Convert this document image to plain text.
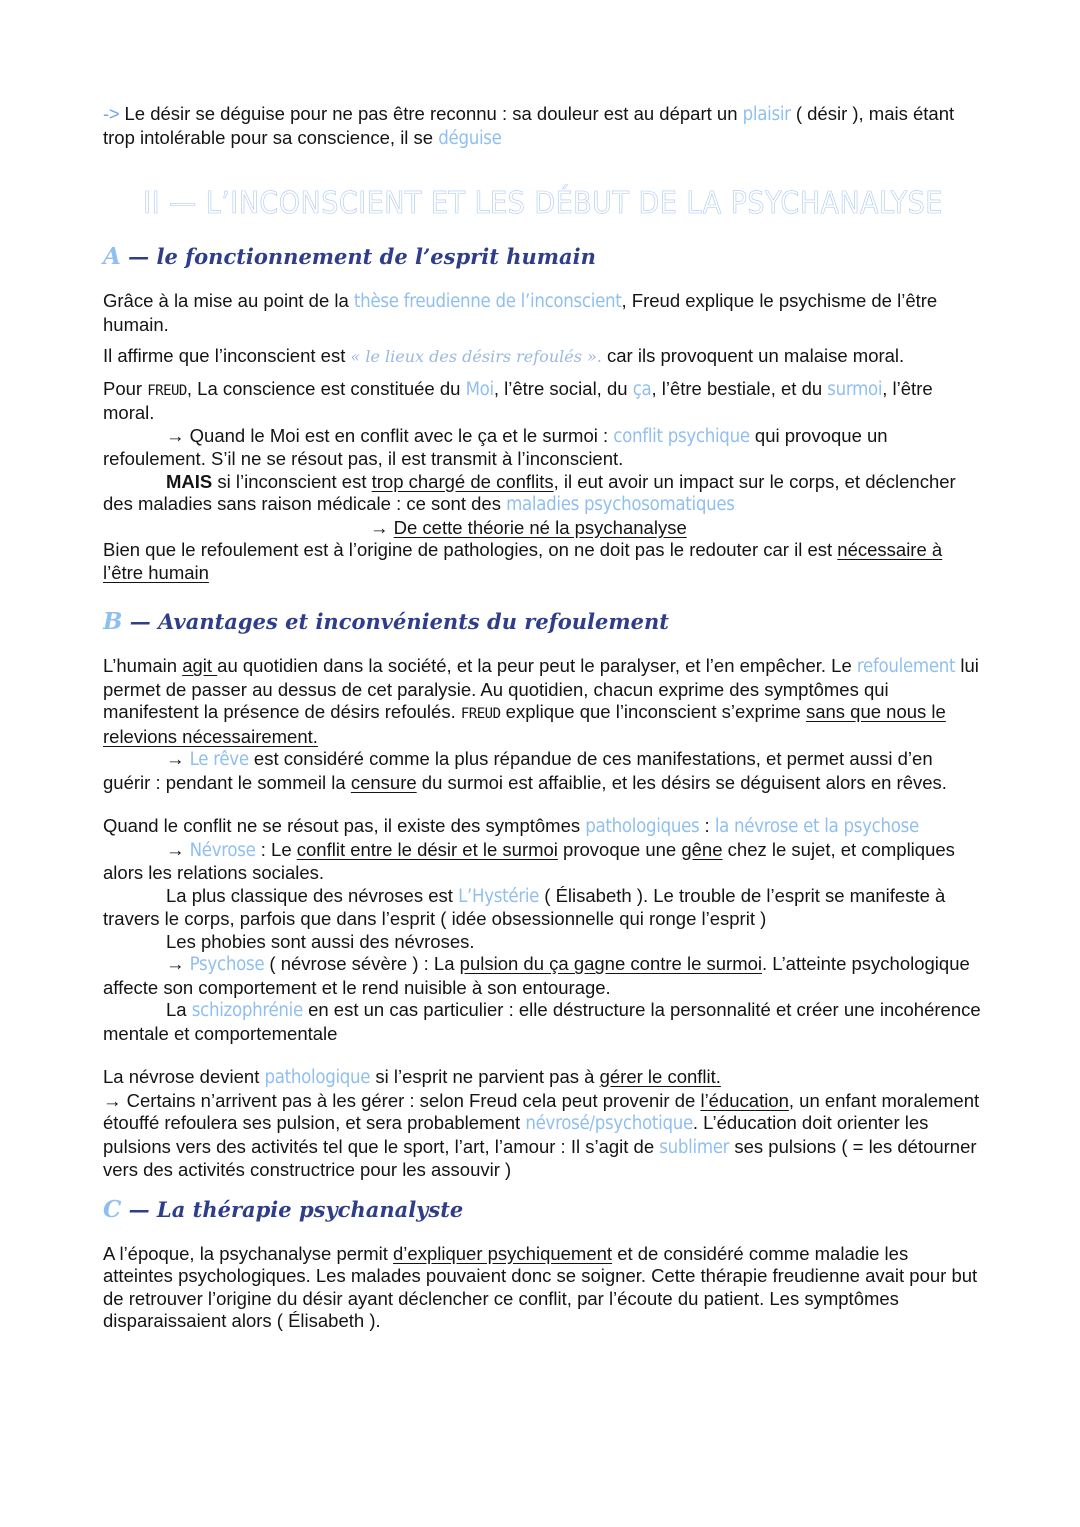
-> Le désir se déguise pour ne pas être reconnu : sa douleur est au départ un plaisir ( désir ), mais étant trop intolérable pour sa conscience, il se déguise

II — L’INCONSCIENT ET LES DÉBUT DE LA PSYCHANALYSE
A — le fonctionnement de l’esprit humain

Grâce à la mise au point de la thèse freudienne de l’inconscient, Freud explique le psychisme de l’être humain.

Il affirme que l’inconscient est « le lieux des désirs refoulés ». car ils provoquent un malaise moral.

Pour FREUD, La conscience est constituée du Moi, l’être social, du ça, l’être bestiale, et du surmoi, l’être moral.

→ Quand le Moi est en conflit avec le ça et le surmoi : conflit psychique qui provoque un refoulement. S’il ne se résout pas, il est transmit à l’inconscient.

MAIS si l’inconscient est trop chargé de conflits, il eut avoir un impact sur le corps, et déclencher des maladies sans raison médicale : ce sont des maladies psychosomatiques

→ De cette théorie né la psychanalyse

Bien que le refoulement est à l’origine de pathologies, on ne doit pas le redouter car il est nécessaire à l’être humain

B — Avantages et inconvénients du refoulement

L’humain agit au quotidien dans la société, et la peur peut le paralyser, et l’en empêcher. Le refoulement lui permet de passer au dessus de cet paralysie. Au quotidien, chacun exprime des symptômes qui manifestent la présence de désirs refoulés. FREUD explique que l’inconscient s’exprime sans que nous le relevions nécessairement.

→ Le rêve est considéré comme la plus répandue de ces manifestations, et permet aussi d’en guérir : pendant le sommeil la censure du surmoi est affaiblie, et les désirs se déguisent alors en rêves.

Quand le conflit ne se résout pas, il existe des symptômes pathologiques : la névrose et la psychose

→ Névrose : Le conflit entre le désir et le surmoi provoque une gêne chez le sujet, et compliques alors les relations sociales.

La plus classique des névroses est L’Hystérie ( Élisabeth ). Le trouble de l’esprit se manifeste à travers le corps, parfois que dans l’esprit ( idée obsessionnelle qui ronge l’esprit )

Les phobies sont aussi des névroses.

→ Psychose ( névrose sévère ) : La pulsion du ça gagne contre le surmoi. L’atteinte psychologique affecte son comportement et le rend nuisible à son entourage.

La schizophrénie en est un cas particulier : elle déstructure la personnalité et créer une incohérence mentale et comportementale

La névrose devient pathologique si l’esprit ne parvient pas à gérer le conflit.

→ Certains n’arrivent pas à les gérer : selon Freud cela peut provenir de l’éducation, un enfant moralement étouffé refoulera ses pulsion, et sera probablement névrosé/psychotique. L’éducation doit orienter les pulsions vers des activités tel que le sport, l’art, l’amour : Il s’agit de sublimer ses pulsions ( = les détourner vers des activités constructrice pour les assouvir )

C — La thérapie psychanalyste

A l’époque, la psychanalyse permit d’expliquer psychiquement et de considéré comme maladie les atteintes psychologiques. Les malades pouvaient donc se soigner. Cette thérapie freudienne avait pour but de retrouver l’origine du désir ayant déclencher ce conflit, par l’écoute du patient. Les symptômes disparaissaient alors ( Élisabeth ).
